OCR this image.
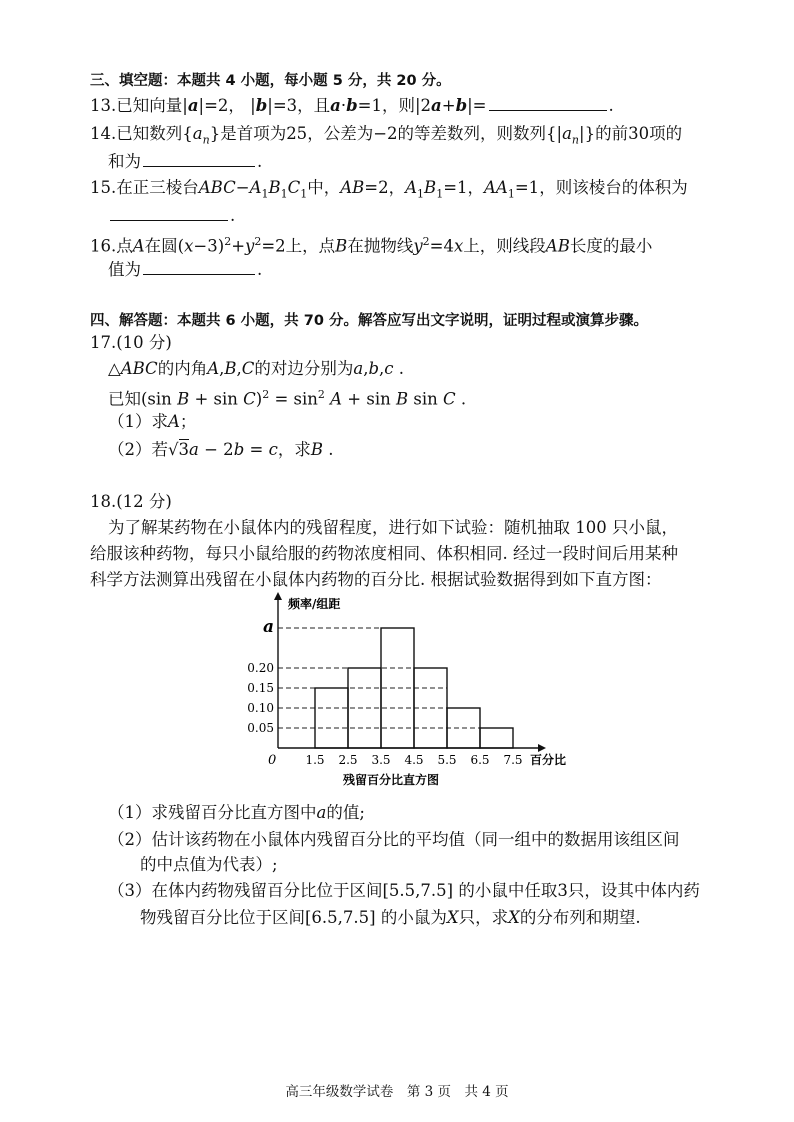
三、填空题：本题共 4 小题，每小题 5 分，共 20 分。
13.已知向量|a|=2， |b|=3，且a·b=1，则|2a+b|=	.
14.已知数列$\{a_n\}$是首项为25，公差为−2的等差数列，则数列$\{|a_n|\}$的前30项的
和为	.
15.在正三棱台$ABC-A_1B_1C_1$中，AB=2，$A_1B_1=1$，$AA_1=1$，则该棱台的体积为
.
16.点A在圆$(x-3)^2+y^2=2$上，点B在抛物线$y^2=4x$上，则线段AB长度的最小
值为	.
四、解答题：本题共 6 小题，共 70 分。解答应写出文字说明，证明过程或演算步骤。
17.(10 分)
△ABC的内角A,B,C的对边分别为a,b,c .
已知(sin $B + \sin C)^2 = \sin^2 A + \sin B$ sin C .
（1）求A；
（2）若√3a − 2b = c，求B .
18.(12 分)
为了解某药物在小鼠体内的残留程度，进行如下试验：随机抽取 100 只小鼠，
给服该种药物，每只小鼠给服的药物浓度相同、体积相同. 经过一段时间后用某种
科学方法测算出残留在小鼠体内药物的百分比. 根据试验数据得到如下直方图：
频率/组距
百分比
0
残留百分比直方图
a
0.20
0.15
0.10
0.05
1.5 2.5 3.5 4.5 5.5 6.5 7.5
（1）求残留百分比直方图中a的值;
（2）估计该药物在小鼠体内残留百分比的平均值（同一组中的数据用该组区间
的中点值为代表）;
（3）在体内药物残留百分比位于区间[5.5,7.5] 的小鼠中任取3只，设其中体内药
物残留百分比位于区间[6.5,7.5] 的小鼠为X只，求X的分布列和期望.
高三年级数学试卷　第 3 页　共 4 页
